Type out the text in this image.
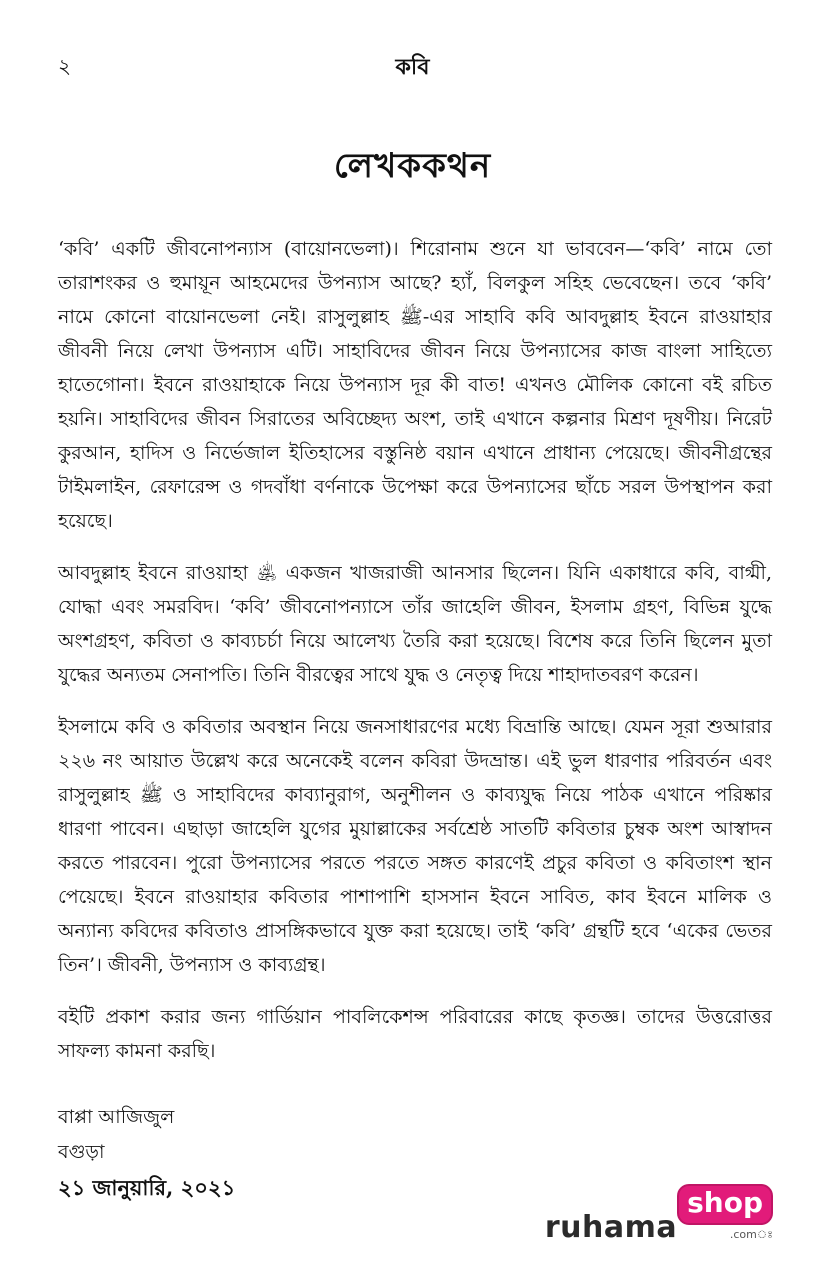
২	কবি
লেখককথন

‘কবি’ একটি জীবনোপন্যাস (বায়োনভেলা)। শিরোনাম শুনে যা ভাববেন—‘কবি’ নামে তো তারাশংকর ও হুমায়ূন আহমেদের উপন্যাস আছে? হ্যাঁ, বিলকুল সহিহ ভেবেছেন। তবে ‘কবি’ নামে কোনো বায়োনভেলা নেই। রাসুলুল্লাহ ﷺ-এর সাহাবি কবি আবদুল্লাহ ইবনে রাওয়াহার জীবনী নিয়ে লেখা উপন্যাস এটি। সাহাবিদের জীবন নিয়ে উপন্যাসের কাজ বাংলা সাহিত্যে হাতেগোনা। ইবনে রাওয়াহাকে নিয়ে উপন্যাস দূর কী বাত! এখনও মৌলিক কোনো বই রচিত হয়নি। সাহাবিদের জীবন সিরাতের অবিচ্ছেদ্য অংশ, তাই এখানে কল্পনার মিশ্রণ দূষণীয়। নিরেট কুরআন, হাদিস ও নির্ভেজাল ইতিহাসের বস্তুনিষ্ঠ বয়ান এখানে প্রাধান্য পেয়েছে। জীবনীগ্রন্থের টাইমলাইন, রেফারেন্স ও গদবাঁধা বর্ণনাকে উপেক্ষা করে উপন্যাসের ছাঁচে সরল উপস্থাপন করা হয়েছে।

আবদুল্লাহ ইবনে রাওয়াহা ﵁ একজন খাজরাজী আনসার ছিলেন। যিনি একাধারে কবি, বাগ্মী, যোদ্ধা এবং সমরবিদ। ‘কবি’ জীবনোপন্যাসে তাঁর জাহেলি জীবন, ইসলাম গ্রহণ, বিভিন্ন যুদ্ধে অংশগ্রহণ, কবিতা ও কাব্যচর্চা নিয়ে আলেখ্য তৈরি করা হয়েছে। বিশেষ করে তিনি ছিলেন মুতা যুদ্ধের অন্যতম সেনাপতি। তিনি বীরত্বের সাথে যুদ্ধ ও নেতৃত্ব দিয়ে শাহাদাতবরণ করেন।

ইসলামে কবি ও কবিতার অবস্থান নিয়ে জনসাধারণের মধ্যে বিভ্রান্তি আছে। যেমন সূরা শুআরার ২২৬ নং আয়াত উল্লেখ করে অনেকেই বলেন কবিরা উদভ্রান্ত। এই ভুল ধারণার পরিবর্তন এবং রাসুলুল্লাহ ﷺ ও সাহাবিদের কাব্যানুরাগ, অনুশীলন ও কাব্যযুদ্ধ নিয়ে পাঠক এখানে পরিষ্কার ধারণা পাবেন। এছাড়া জাহেলি যুগের মুয়াল্লাকের সর্বশ্রেষ্ঠ সাতটি কবিতার চুম্বক অংশ আস্বাদন করতে পারবেন। পুরো উপন্যাসের পরতে পরতে সঙ্গত কারণেই প্রচুর কবিতা ও কবিতাংশ স্থান পেয়েছে। ইবনে রাওয়াহার কবিতার পাশাপাশি হাসসান ইবনে সাবিত, কাব ইবনে মালিক ও অন্যান্য কবিদের কবিতাও প্রাসঙ্গিকভাবে যুক্ত করা হয়েছে। তাই ‘কবি’ গ্রন্থটি হবে ‘একের ভেতর তিন’। জীবনী, উপন্যাস ও কাব্যগ্রন্থ।

বইটি প্রকাশ করার জন্য গার্ডিয়ান পাবলিকেশন্স পরিবারের কাছে কৃতজ্ঞ। তাদের উত্তরোত্তর সাফল্য কামনা করছি।

বাপ্পা আজিজুল
বগুড়া
২১ জানুয়ারি, ২০২১
ruhama
shop
.comঃ
